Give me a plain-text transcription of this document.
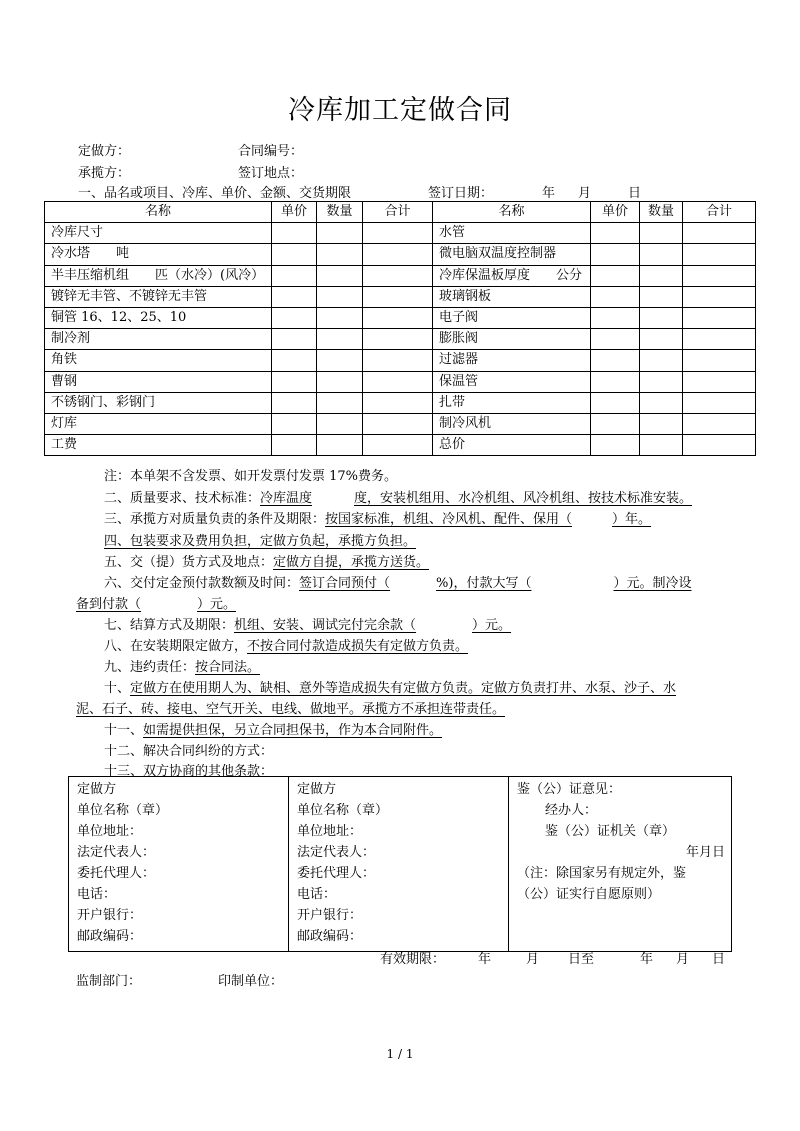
冷库加工定做合同
定做方：	合同编号：
承揽方：	签订地点：
一、品名或项目、冷库、单价、金额、交货期限	签订日期：	年 月	日
名称	单价	数量	合计	名称	单价	数量	合计
冷库尺寸				水管			
冷水塔　　吨				微电脑双温度控制器			
半丰压缩机组　　匹（水冷）(风冷）				冷库保温板厚度　　公分			
镀锌无丰管、不镀锌无丰管				玻璃钢板			
铜管 16、12、25、10				电子阀			
制冷剂				膨胀阀			
角铁				过滤器			
曹钢				保温管			
不锈钢门、彩钢门				扎带			
灯库				制冷风机			
工费				总价			
注：本单架不含发票、如开发票付发票 17%费务。
二、质量要求、技术标准：冷库温度	度，安装机组用、水冷机组、风冷机组、按技术标准安装。
三、承揽方对质量负责的条件及期限：按国家标准，机组、冷风机、配件、保用（	）年。
四、包装要求及费用负担，定做方负起，承揽方负担。
五、交（提）货方式及地点：定做方自提，承揽方送货。
六、交付定金预付款数额及时间：签订合同预付（	%)，付款大写（	）元。制冷设
备到付款（	）元。
七、结算方式及期限：机组、安装、调试完付完余款（	）元。
八、在安装期限定做方，不按合同付款造成损失有定做方负责。
九、违约责任：按合同法。
十、定做方在使用期人为、缺相、意外等造成损失有定做方负责。定做方负责打井、水泵、沙子、水
泥、石子、砖、接电、空气开关、电线、做地平。承揽方不承担连带责任。
十一、如需提供担保，另立合同担保书，作为本合同附件。
十二、解决合同纠纷的方式：
十三、双方协商的其他条款：
定做方
单位名称（章）
单位地址：
法定代表人：
委托代理人：
电话：
开户银行：
邮政编码：

定做方
单位名称（章）
单位地址：
法定代表人：
委托代理人：
电话：
开户银行：
邮政编码：

鉴（公）证意见：
经办人：
鉴（公）证机关（章）
年月日
（注：除国家另有规定外，鉴
（公）证实行自愿原则）
有效期限：	年	月 日至	年 月 日
监制部门：	印制单位：
1 / 1
